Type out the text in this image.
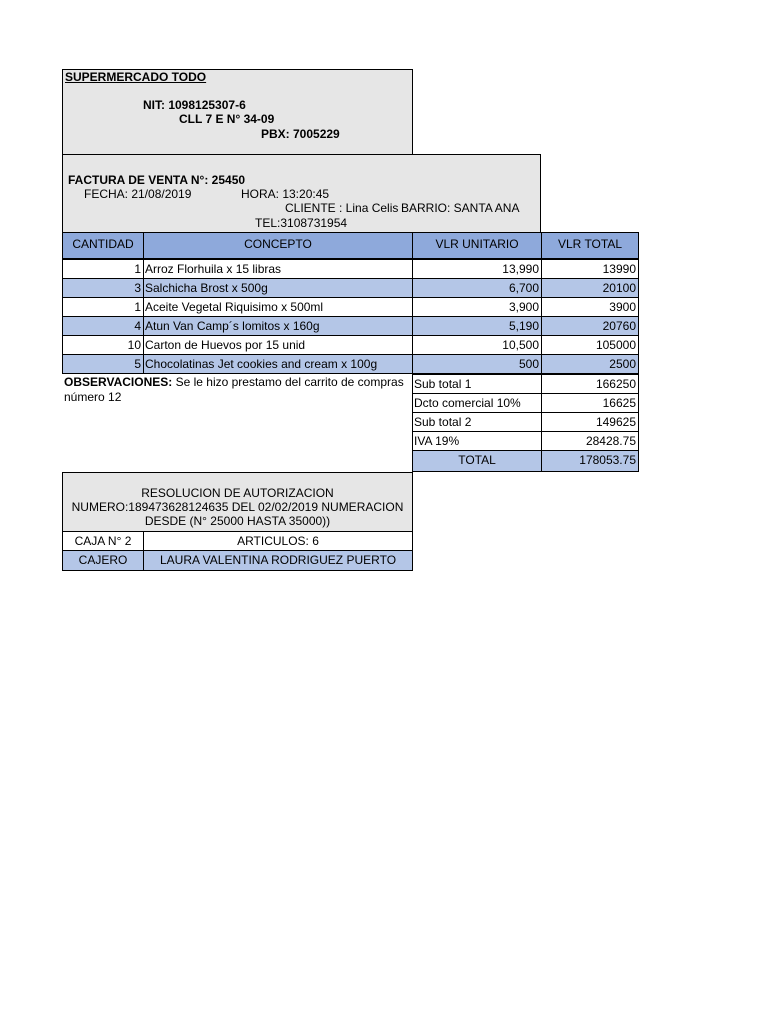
SUPERMERCADO TODO
NIT: 1098125307-6
CLL 7 E N° 34-09
PBX: 7005229
FACTURA DE VENTA N°: 25450
FECHA: 21/08/2019	HORA: 13:20:45
CLIENTE : Lina Celis BARRIO: SANTA ANA
TEL:3108731954
CANTIDAD	CONCEPTO	VLR UNITARIO	VLR TOTAL
1 Arroz Florhuila x 15 libras	13,990	13990
3 Salchicha Brost x 500g	6,700	20100
1 Aceite Vegetal Riquisimo x 500ml	3,900	3900
4 Atun Van Camp´s lomitos x 160g	5,190	20760
10 Carton de Huevos por 15 unid	10,500	105000
5 Chocolatinas Jet cookies and cream x 100g	500	2500
OBSERVACIONES: Se le hizo prestamo del carrito de compras
número 12
Sub total 1	166250
Dcto comercial 10%	16625
Sub total 2	149625
IVA 19%	28428.75
TOTAL	178053.75
RESOLUCION DE AUTORIZACION
NUMERO:189473628124635 DEL 02/02/2019 NUMERACION
DESDE (N° 25000 HASTA 35000))
CAJA N° 2	ARTICULOS: 6
CAJERO	LAURA VALENTINA RODRIGUEZ PUERTO
